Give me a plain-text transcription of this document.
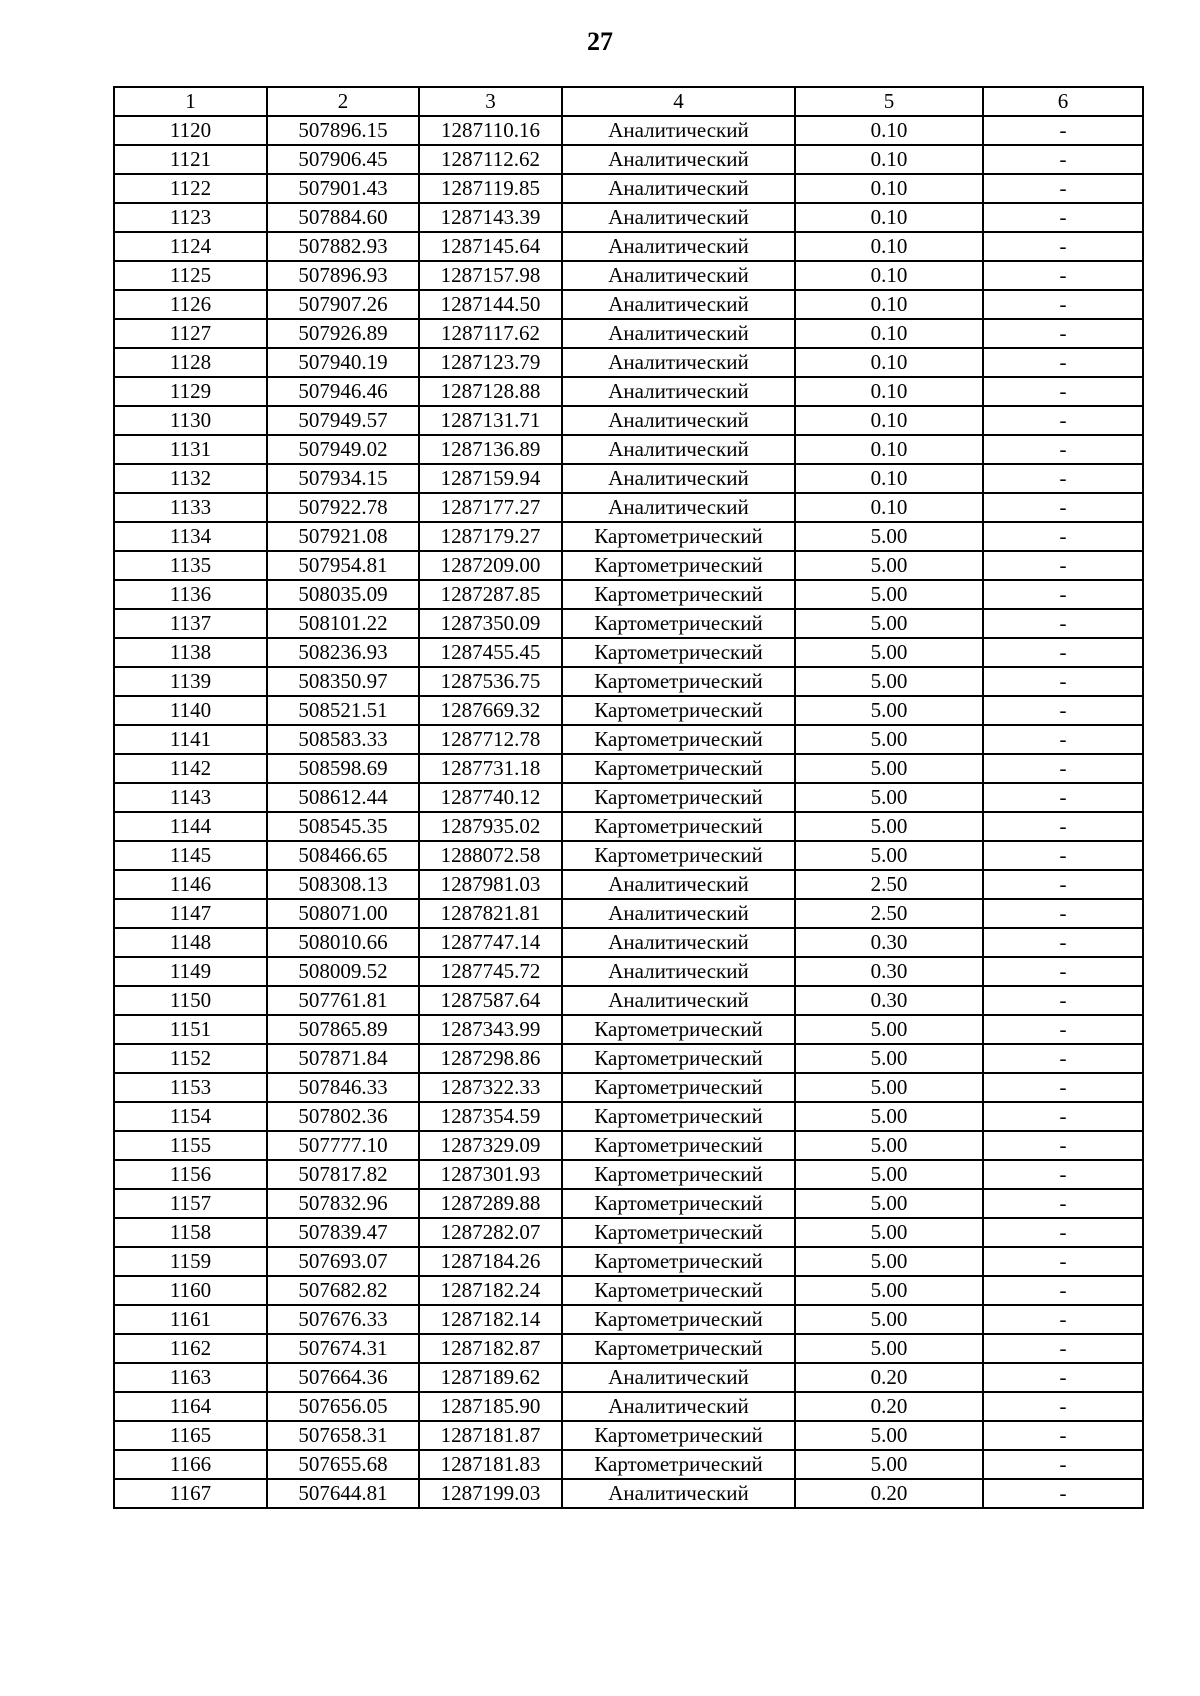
27
1	2	3	4	5	6
1120	507896.15	1287110.16	Аналитический	0.10	-
1121	507906.45	1287112.62	Аналитический	0.10	-
1122	507901.43	1287119.85	Аналитический	0.10	-
1123	507884.60	1287143.39	Аналитический	0.10	-
1124	507882.93	1287145.64	Аналитический	0.10	-
1125	507896.93	1287157.98	Аналитический	0.10	-
1126	507907.26	1287144.50	Аналитический	0.10	-
1127	507926.89	1287117.62	Аналитический	0.10	-
1128	507940.19	1287123.79	Аналитический	0.10	-
1129	507946.46	1287128.88	Аналитический	0.10	-
1130	507949.57	1287131.71	Аналитический	0.10	-
1131	507949.02	1287136.89	Аналитический	0.10	-
1132	507934.15	1287159.94	Аналитический	0.10	-
1133	507922.78	1287177.27	Аналитический	0.10	-
1134	507921.08	1287179.27	Картометрический	5.00	-
1135	507954.81	1287209.00	Картометрический	5.00	-
1136	508035.09	1287287.85	Картометрический	5.00	-
1137	508101.22	1287350.09	Картометрический	5.00	-
1138	508236.93	1287455.45	Картометрический	5.00	-
1139	508350.97	1287536.75	Картометрический	5.00	-
1140	508521.51	1287669.32	Картометрический	5.00	-
1141	508583.33	1287712.78	Картометрический	5.00	-
1142	508598.69	1287731.18	Картометрический	5.00	-
1143	508612.44	1287740.12	Картометрический	5.00	-
1144	508545.35	1287935.02	Картометрический	5.00	-
1145	508466.65	1288072.58	Картометрический	5.00	-
1146	508308.13	1287981.03	Аналитический	2.50	-
1147	508071.00	1287821.81	Аналитический	2.50	-
1148	508010.66	1287747.14	Аналитический	0.30	-
1149	508009.52	1287745.72	Аналитический	0.30	-
1150	507761.81	1287587.64	Аналитический	0.30	-
1151	507865.89	1287343.99	Картометрический	5.00	-
1152	507871.84	1287298.86	Картометрический	5.00	-
1153	507846.33	1287322.33	Картометрический	5.00	-
1154	507802.36	1287354.59	Картометрический	5.00	-
1155	507777.10	1287329.09	Картометрический	5.00	-
1156	507817.82	1287301.93	Картометрический	5.00	-
1157	507832.96	1287289.88	Картометрический	5.00	-
1158	507839.47	1287282.07	Картометрический	5.00	-
1159	507693.07	1287184.26	Картометрический	5.00	-
1160	507682.82	1287182.24	Картометрический	5.00	-
1161	507676.33	1287182.14	Картометрический	5.00	-
1162	507674.31	1287182.87	Картометрический	5.00	-
1163	507664.36	1287189.62	Аналитический	0.20	-
1164	507656.05	1287185.90	Аналитический	0.20	-
1165	507658.31	1287181.87	Картометрический	5.00	-
1166	507655.68	1287181.83	Картометрический	5.00	-
1167	507644.81	1287199.03	Аналитический	0.20	-
